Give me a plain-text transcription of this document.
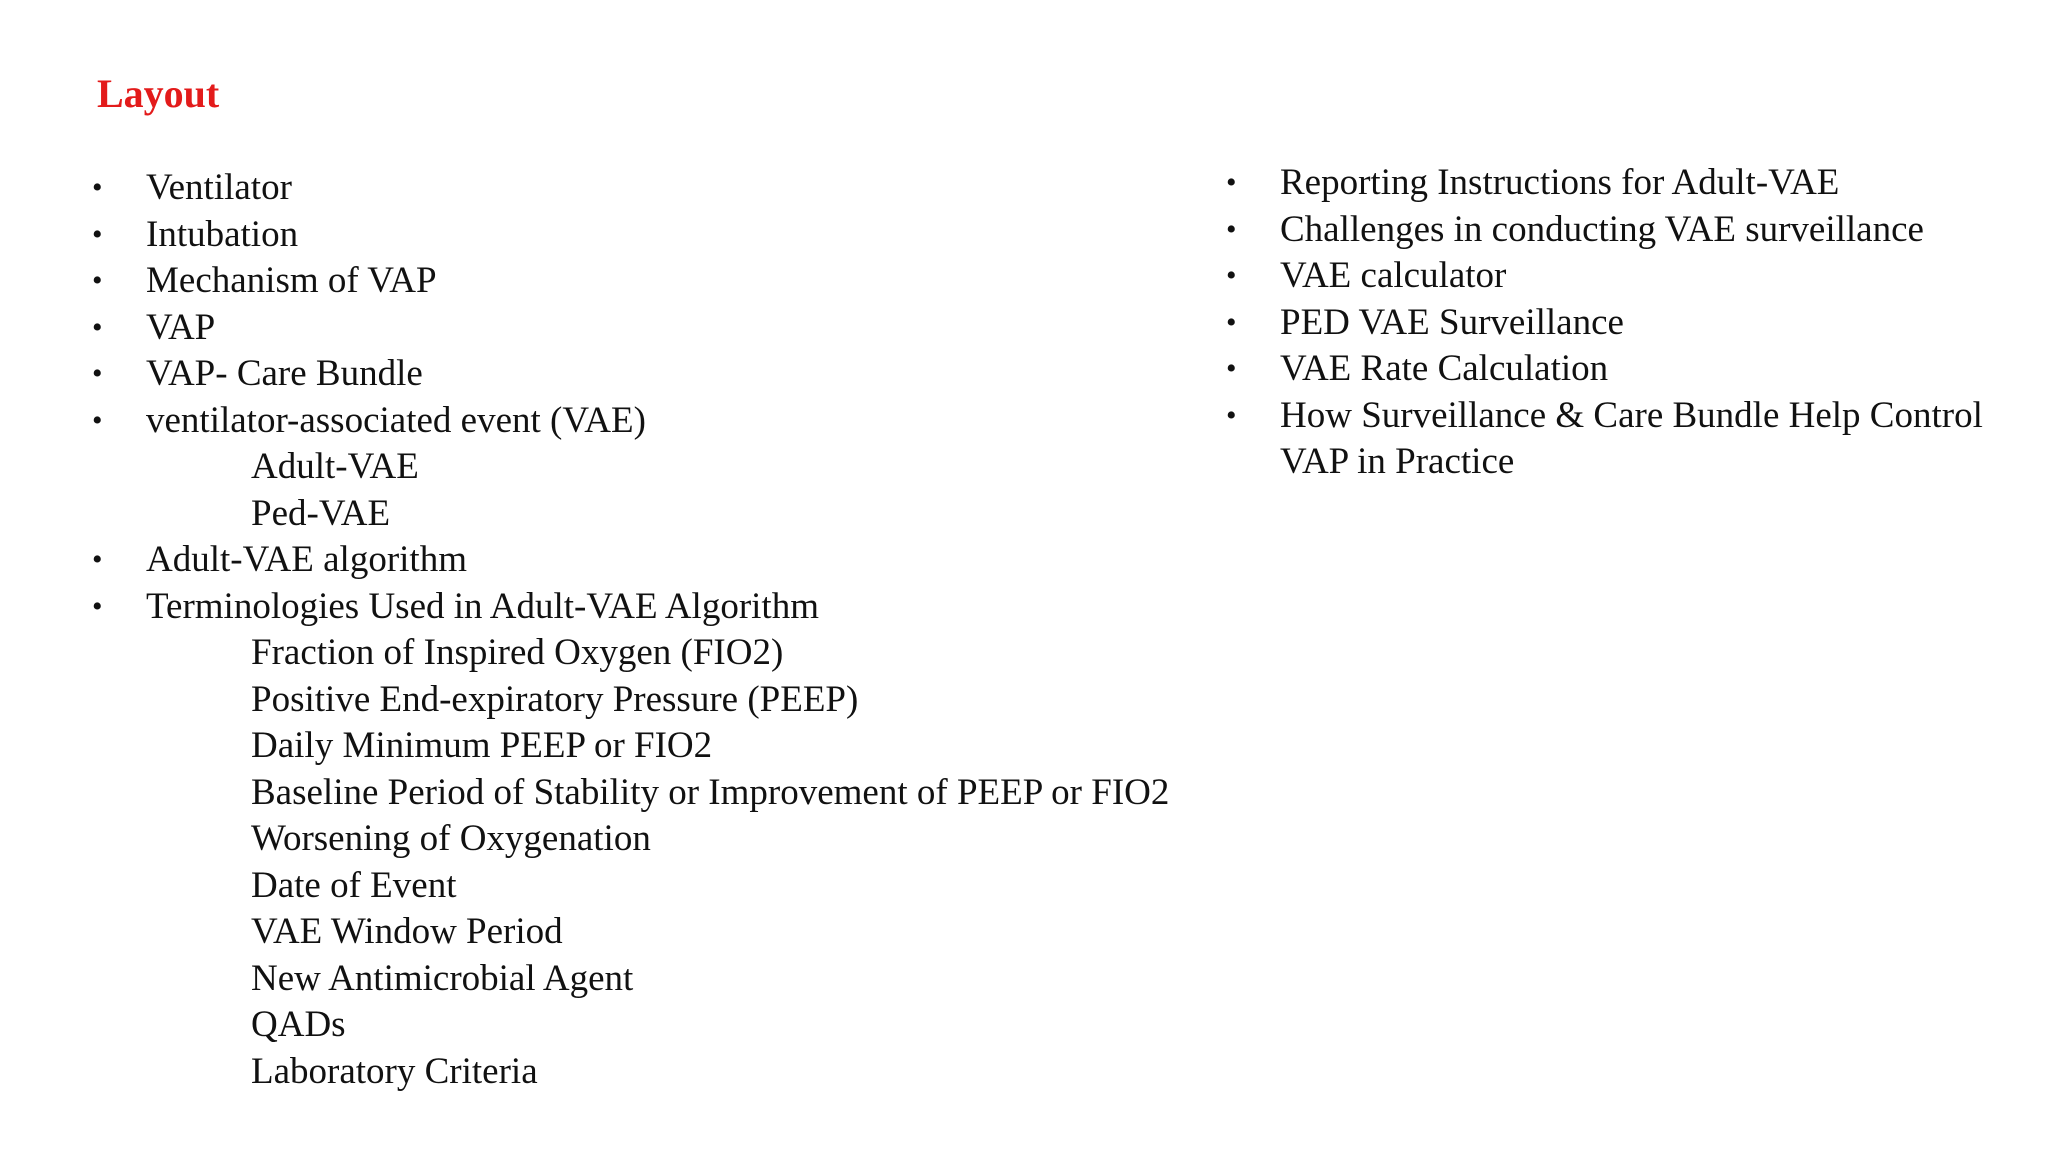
Layout
• Ventilator
• Intubation
• Mechanism of VAP
• VAP
• VAP- Care Bundle
• ventilator-associated event (VAE)
Adult-VAE
Ped-VAE
• Adult-VAE algorithm
• Terminologies Used in Adult-VAE Algorithm
Fraction of Inspired Oxygen (FIO2)
Positive End-expiratory Pressure (PEEP)
Daily Minimum PEEP or FIO2
Baseline Period of Stability or Improvement of PEEP or FIO2
Worsening of Oxygenation
Date of Event
VAE Window Period
New Antimicrobial Agent
QADs
Laboratory Criteria
• Reporting Instructions for Adult-VAE
• Challenges in conducting VAE surveillance
• VAE calculator
• PED VAE Surveillance
• VAE Rate Calculation
• How Surveillance & Care Bundle Help Control VAP in Practice
